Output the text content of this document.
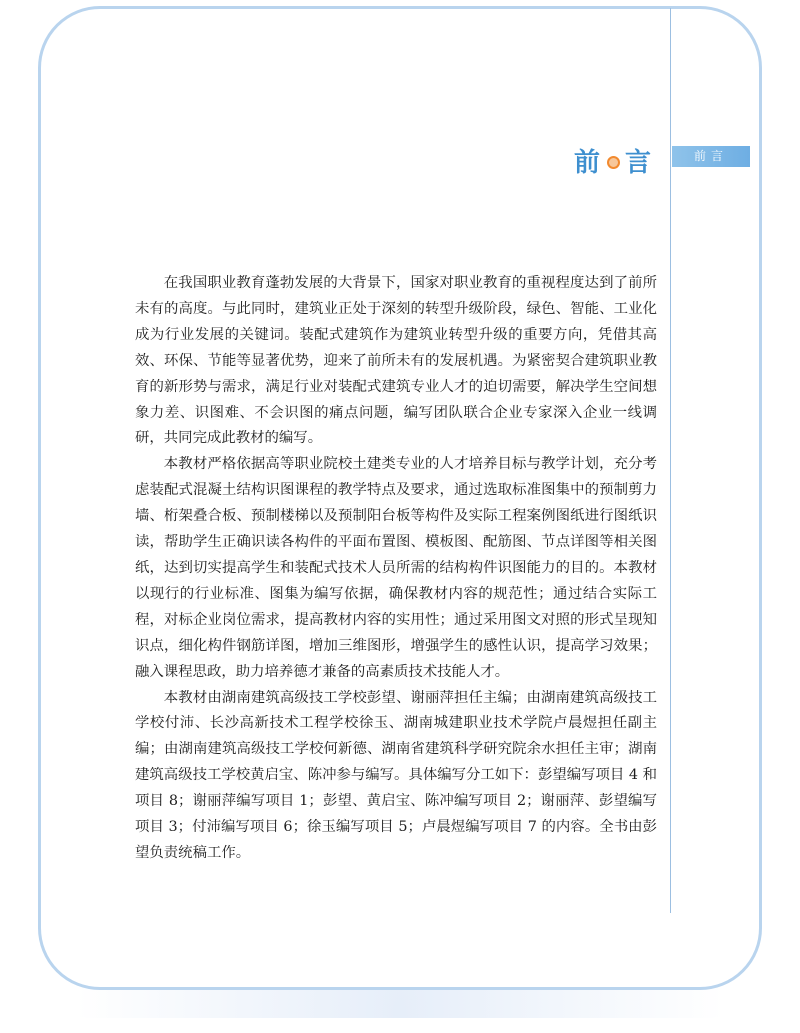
前 言	前言

在我国职业教育蓬勃发展的大背景下，国家对职业教育的重视程度达到了前所未有的高度。与此同时，建筑业正处于深刻的转型升级阶段，绿色、智能、工业化成为行业发展的关键词。装配式建筑作为建筑业转型升级的重要方向，凭借其高效、环保、节能等显著优势，迎来了前所未有的发展机遇。为紧密契合建筑职业教育的新形势与需求，满足行业对装配式建筑专业人才的迫切需要，解决学生空间想象力差、识图难、不会识图的痛点问题，编写团队联合企业专家深入企业一线调研，共同完成此教材的编写。

本教材严格依据高等职业院校土建类专业的人才培养目标与教学计划，充分考虑装配式混凝土结构识图课程的教学特点及要求，通过选取标准图集中的预制剪力墙、桁架叠合板、预制楼梯以及预制阳台板等构件及实际工程案例图纸进行图纸识读，帮助学生正确识读各构件的平面布置图、模板图、配筋图、节点详图等相关图纸，达到切实提高学生和装配式技术人员所需的结构构件识图能力的目的。本教材以现行的行业标准、图集为编写依据，确保教材内容的规范性；通过结合实际工程，对标企业岗位需求，提高教材内容的实用性；通过采用图文对照的形式呈现知识点，细化构件钢筋详图，增加三维图形，增强学生的感性认识，提高学习效果；融入课程思政，助力培养德才兼备的高素质技术技能人才。

本教材由湖南建筑高级技工学校彭望、谢丽萍担任主编；由湖南建筑高级技工学校付沛、长沙高新技术工程学校徐玉、湖南城建职业技术学院卢晨煜担任副主编；由湖南建筑高级技工学校何新德、湖南省建筑科学研究院余水担任主审；湖南建筑高级技工学校黄启宝、陈冲参与编写。具体编写分工如下：彭望编写项目 4 和项目 8；谢丽萍编写项目 1；彭望、黄启宝、陈冲编写项目 2；谢丽萍、彭望编写项目 3；付沛编写项目 6；徐玉编写项目 5；卢晨煜编写项目 7 的内容。全书由彭望负责统稿工作。
